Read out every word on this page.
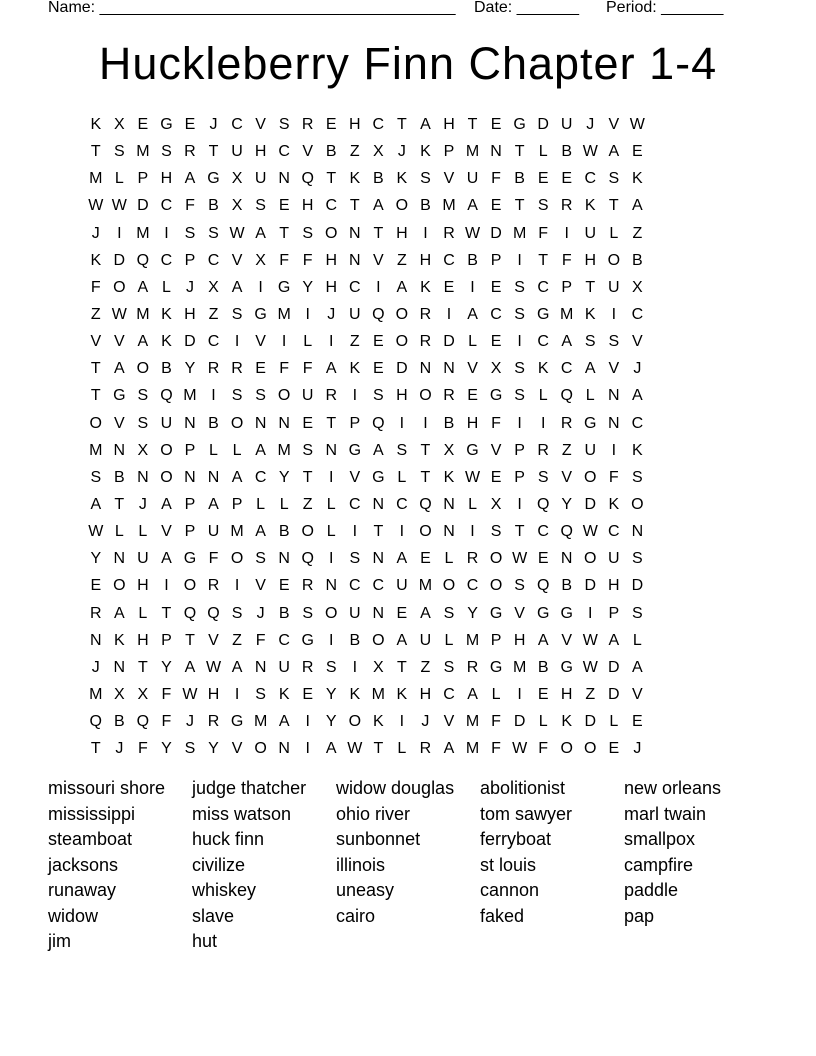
Name: ________________________________________

Date: _______

Period: _______

Huckleberry Finn Chapter 1-4
K X E G E J C V S R E H C T A H T E G D U J V W
T S M S R T U H C V B Z X J K P M N T L B W A E
M L P H A G X U N Q T K B K S V U F B E E C S K
W W D C F B X S E H C T A O B M A E T S R K T A
J	I M I S S W A T S O N T H I R W D M F	I U L Z
K D Q C P C V X F F H N V Z H C B P I	T F H O B
F O A L J X A I G Y H C I A K E I E S C P T U X
Z W M K H Z S G M I	J U Q O R I A C S G M K I C
V V A K D C I V I	L	I	Z E O R D L E I C A S S V
T A O B Y R R E F F A K E D N N V X S K C A V J
T G S Q M I S S O U R I S H O R E G S L Q L N A
O V S U N B O N N E T P Q I	I B H F	I	I R G N C
M N X O P L L A M S N G A S T X G V P R Z U I K
S B N O N N A C Y T	I V G L T K W E P S V O F S
A T J A P A P L L Z L C N C Q N L X I Q Y D K O
W L L V P U M A B O L	I	T	I O N I S T C Q W C N
Y N U A G F O S N Q I S N A E L R O W E N O U S
E O H I O R I V E R N C C U M O C O S Q B D H D
R A L T Q Q S J B S O U N E A S Y G V G G I P S
N K H P T V Z F C G I B O A U L M P H A V W A L
J N T Y A W A N U R S I X T Z S R G M B G W D A
M X X F W H I S K E Y K M K H C A L	I E H Z D V
Q B Q F J R G M A I Y O K I	J V M F D L K D L E
T J F Y S Y V O N I A W T L R A M F W F O O E J
missouri shore
mississippi
steamboat
jacksons
runaway
widow
jim
judge thatcher
miss watson
huck finn
civilize
whiskey
slave
hut
widow douglas
ohio river
sunbonnet
illinois
uneasy
cairo
abolitionist
tom sawyer
ferryboat
st louis
cannon
faked
new orleans
marl twain
smallpox
campfire
paddle
pap
